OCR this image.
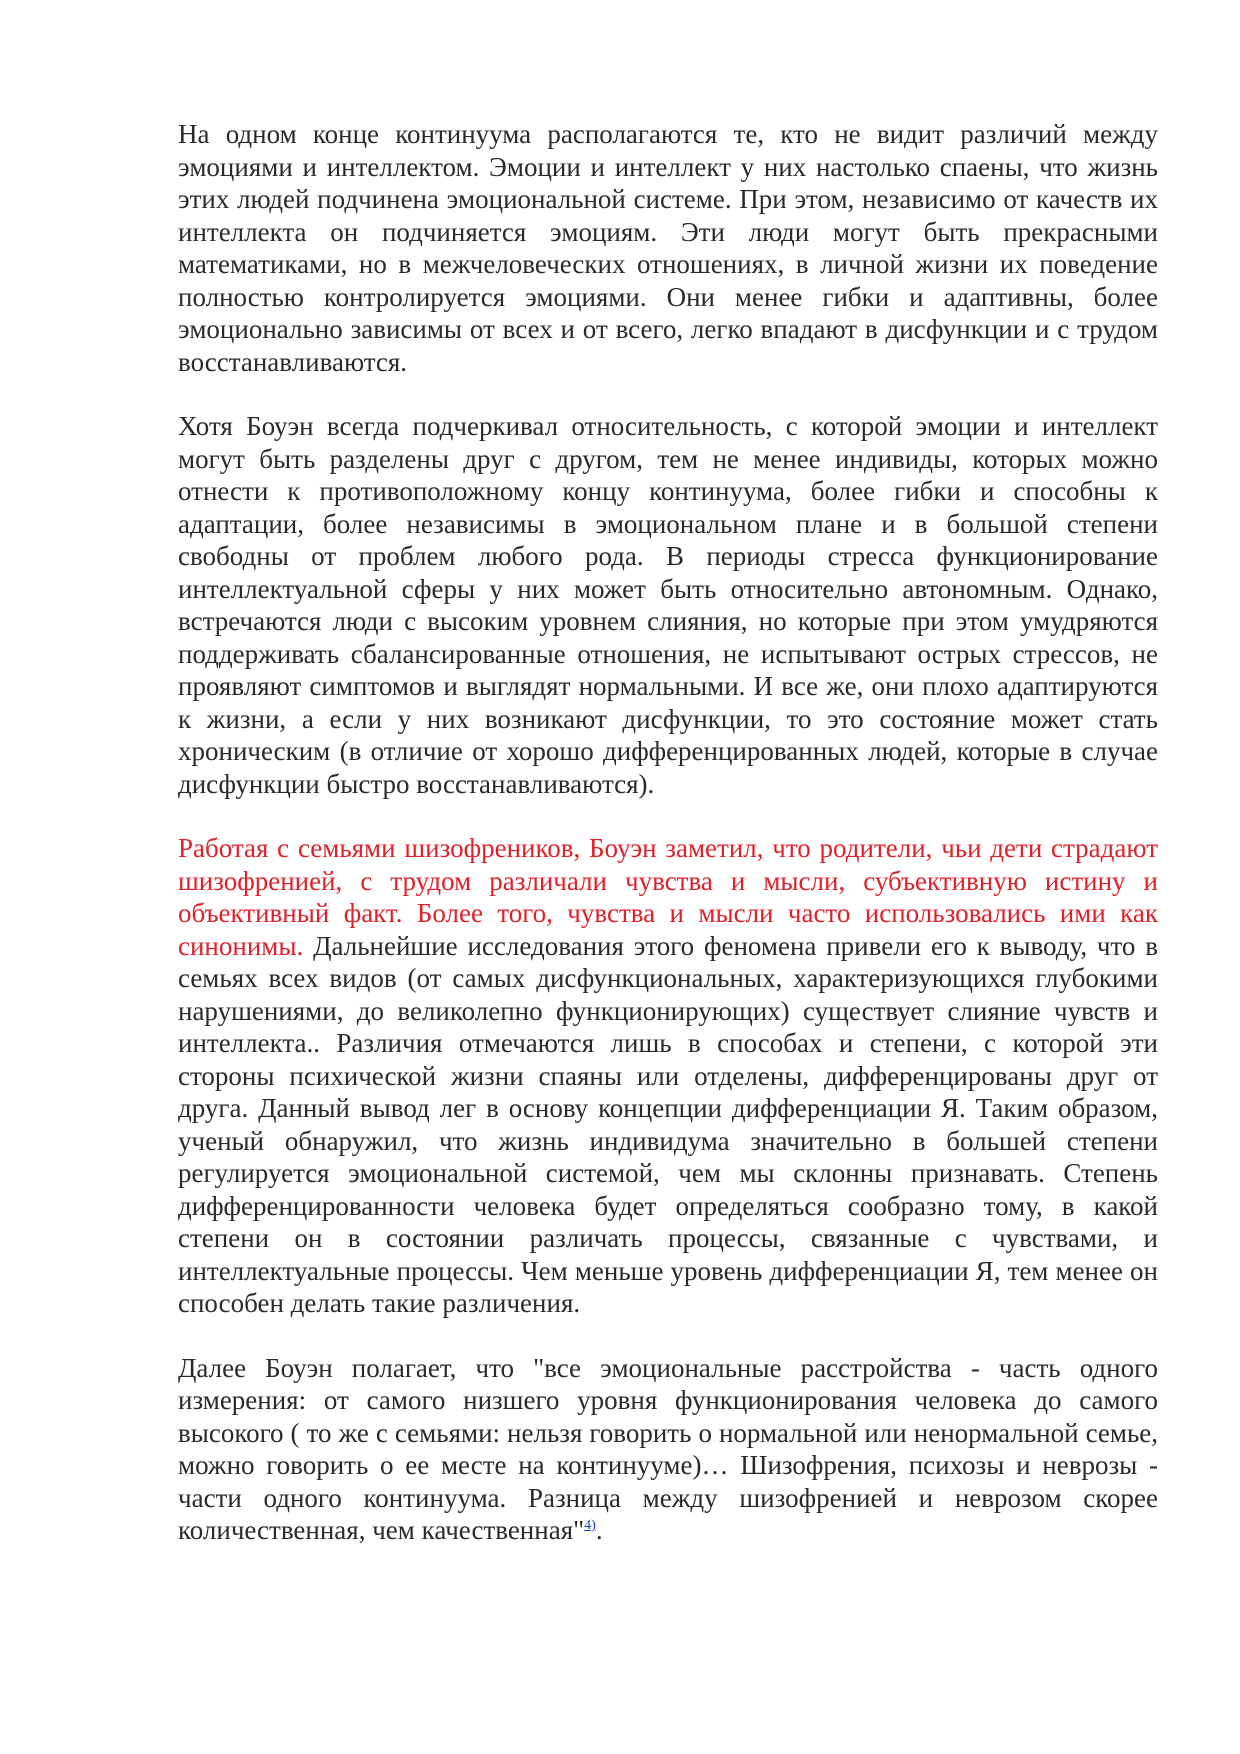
На одном конце континуума располагаются те, кто не видит различий между эмоциями и интеллектом. Эмоции и интеллект у них настолько спаены, что жизнь этих людей подчинена эмоциональной системе. При этом, независимо от качеств их интеллекта он подчиняется эмоциям. Эти люди могут быть прекрасными математиками, но в межчеловеческих отношениях, в личной жизни их поведение полностью контролируется эмоциями. Они менее гибки и адаптивны, более эмоционально зависимы от всех и от всего, легко впадают в дисфункции и с трудом восстанавливаются.

Хотя Боуэн всегда подчеркивал относительность, с которой эмоции и интеллект могут быть разделены друг с другом, тем не менее индивиды, которых можно отнести к противоположному концу континуума, более гибки и способны к адаптации, более независимы в эмоциональном плане и в большой степени свободны от проблем любого рода. В периоды стресса функционирование интеллектуальной сферы у них может быть относительно автономным. Однако, встречаются люди с высоким уровнем слияния, но которые при этом умудряются поддерживать сбалансированные отношения, не испытывают острых стрессов, не проявляют симптомов и выглядят нормальными. И все же, они плохо адаптируются к жизни, а если у них возникают дисфункции, то это состояние может стать хроническим (в отличие от хорошо дифференцированных людей, которые в случае дисфункции быстро восстанавливаются).

Работая с семьями шизофреников, Боуэн заметил, что родители, чьи дети страдают шизофренией, с трудом различали чувства и мысли, субъективную истину и объективный факт. Более того, чувства и мысли часто использовались ими как синонимы. Дальнейшие исследования этого феномена привели его к выводу, что в семьях всех видов (от самых дисфункциональных, характеризующихся глубокими нарушениями, до великолепно функционирующих) существует слияние чувств и интеллекта.. Различия отмечаются лишь в способах и степени, с которой эти стороны психической жизни спаяны или отделены, дифференцированы друг от друга. Данный вывод лег в основу концепции дифференциации Я. Таким образом, ученый обнаружил, что жизнь индивидума значительно в большей степени регулируется эмоциональной системой, чем мы склонны признавать. Степень дифференцированности человека будет определяться сообразно тому, в какой степени он в состоянии различать процессы, связанные с чувствами, и интеллектуальные процессы. Чем меньше уровень дифференциации Я, тем менее он способен делать такие различения.

Далее Боуэн полагает, что "все эмоциональные расстройства - часть одного измерения: от самого низшего уровня функционирования человека до самого высокого ( то же с семьями: нельзя говорить о нормальной или ненормальной семье, можно говорить о ее месте на континууме)… Шизофрения, психозы и неврозы - части одного континуума. Разница между шизофренией и неврозом скорее количественная, чем качественная"$^{4)}$.
